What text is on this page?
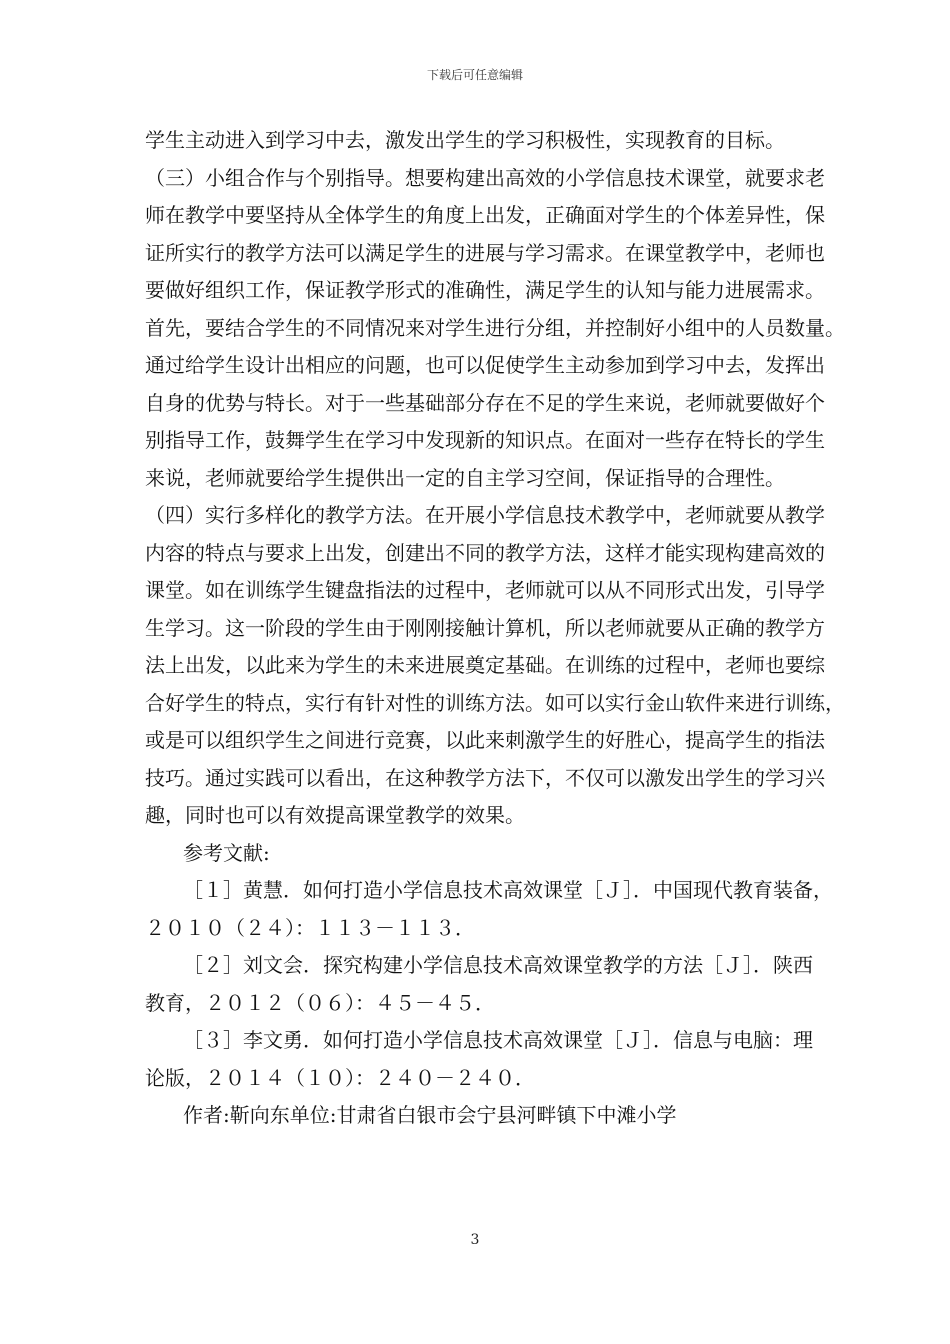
下载后可任意编辑
学生主动进入到学习中去，激发出学生的学习积极性，实现教育的目标。
（三）小组合作与个别指导。想要构建出高效的小学信息技术课堂，就要求老
师在教学中要坚持从全体学生的角度上出发，正确面对学生的个体差异性，保
证所实行的教学方法可以满足学生的进展与学习需求。在课堂教学中，老师也
要做好组织工作，保证教学形式的准确性，满足学生的认知与能力进展需求。
首先，要结合学生的不同情况来对学生进行分组，并控制好小组中的人员数量。
通过给学生设计出相应的问题，也可以促使学生主动参加到学习中去，发挥出
自身的优势与特长。对于一些基础部分存在不足的学生来说，老师就要做好个
别指导工作，鼓舞学生在学习中发现新的知识点。在面对一些存在特长的学生
来说，老师就要给学生提供出一定的自主学习空间，保证指导的合理性。
（四）实行多样化的教学方法。在开展小学信息技术教学中，老师就要从教学
内容的特点与要求上出发，创建出不同的教学方法，这样才能实现构建高效的
课堂。如在训练学生键盘指法的过程中，老师就可以从不同形式出发，引导学
生学习。这一阶段的学生由于刚刚接触计算机，所以老师就要从正确的教学方
法上出发，以此来为学生的未来进展奠定基础。在训练的过程中，老师也要综
合好学生的特点，实行有针对性的训练方法。如可以实行金山软件来进行训练，
或是可以组织学生之间进行竞赛，以此来刺激学生的好胜心，提高学生的指法
技巧。通过实践可以看出，在这种教学方法下，不仅可以激发出学生的学习兴
趣，同时也可以有效提高课堂教学的效果。
参考文献:
［１］黄慧．如何打造小学信息技术高效课堂［Ｊ］．中国现代教育装备，
２０１０（２４）：１１３－１１３．
［２］刘文会．探究构建小学信息技术高效课堂教学的方法［Ｊ］．陕西
教育，２０１２（０６）：４５－４５．
［３］李文勇．如何打造小学信息技术高效课堂［Ｊ］．信息与电脑：理
论版，２０１４（１０）：２４０－２４０．
作者:靳向东单位:甘肃省白银市会宁县河畔镇下中滩小学
3
